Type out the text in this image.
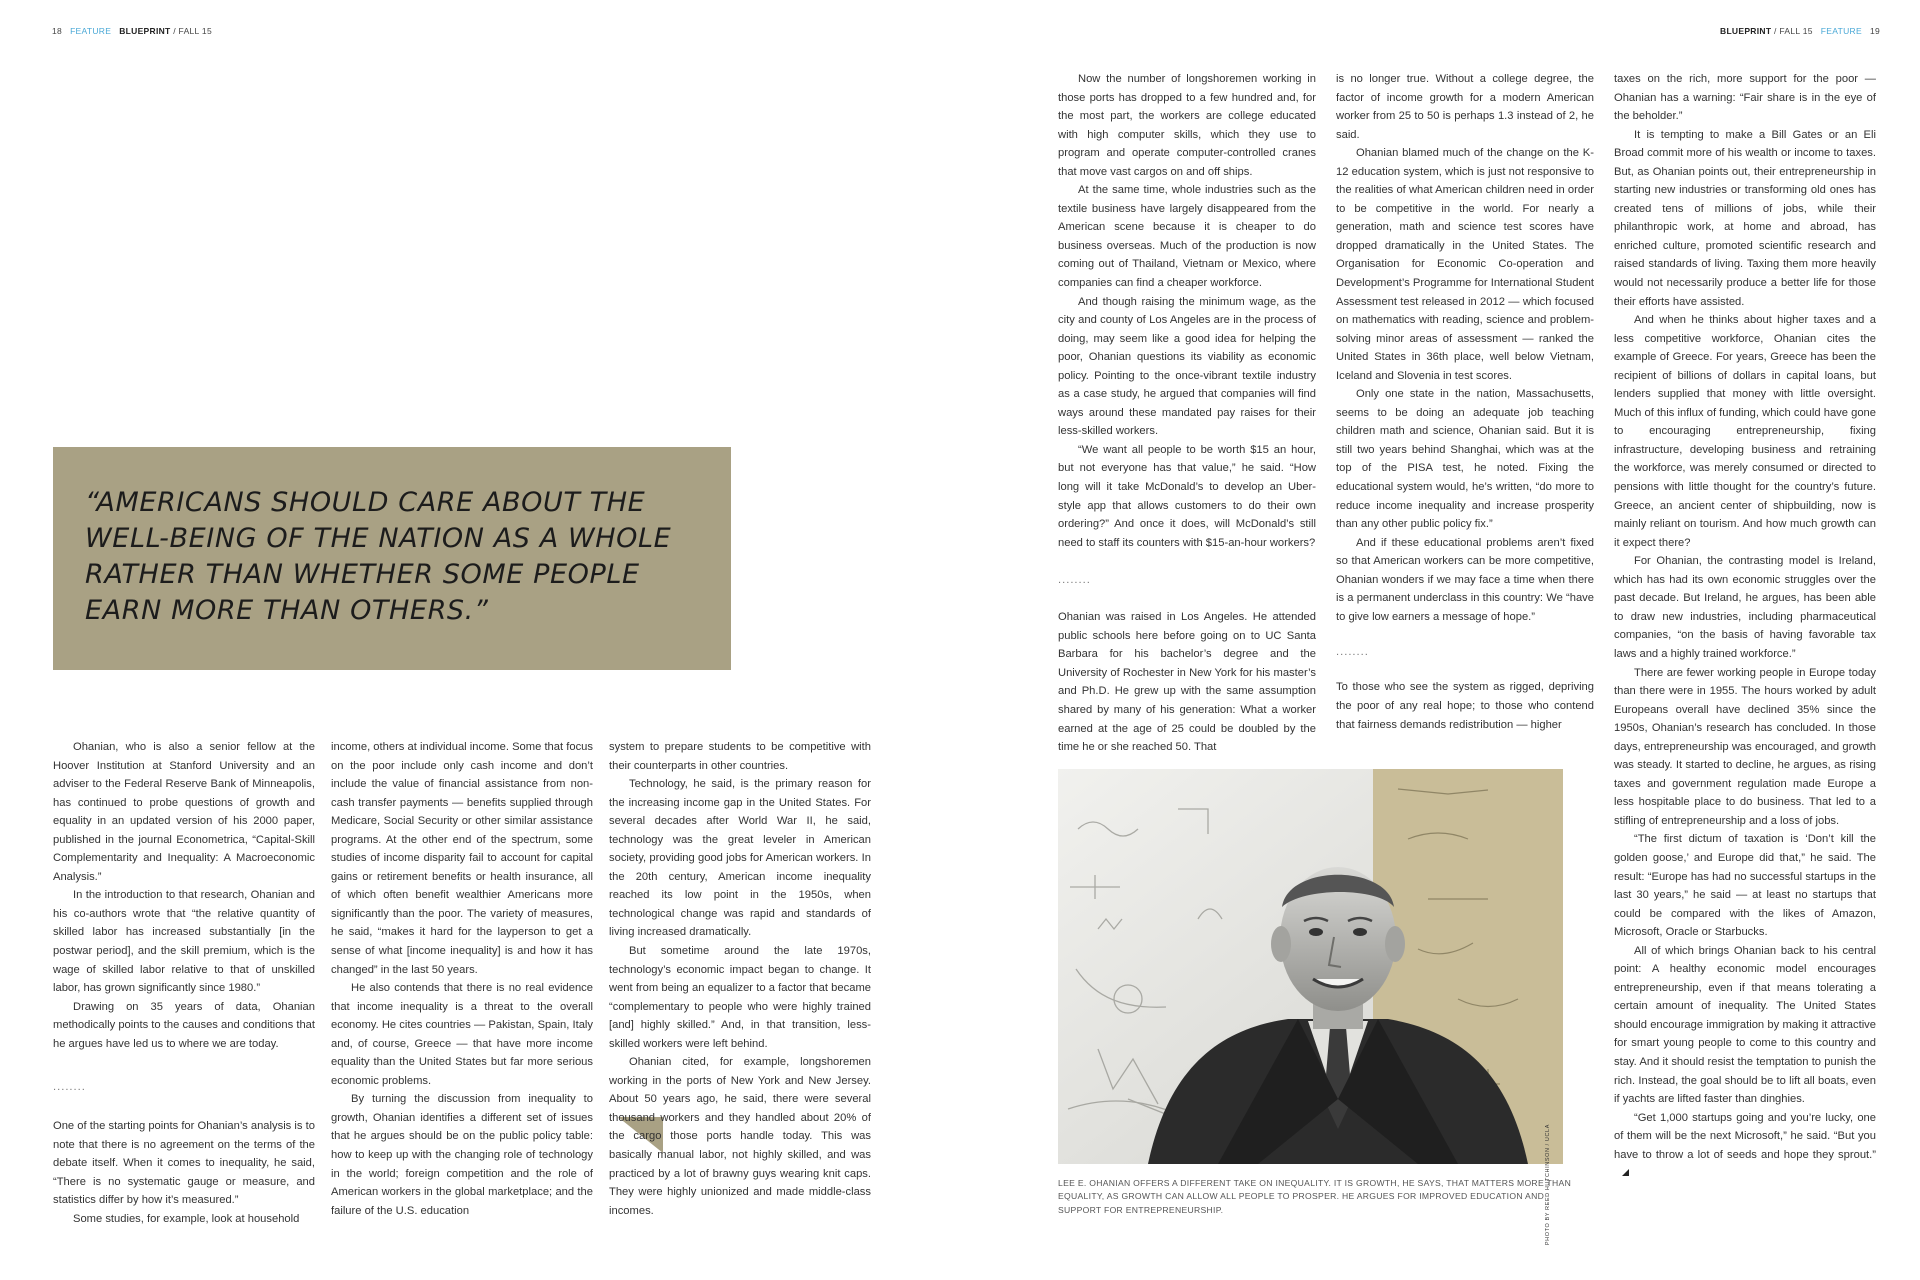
18 FEATURE BLUEPRINT / FALL 15	BLUEPRINT / FALL 15 FEATURE 19
“AMERICANS SHOULD CARE ABOUT THE WELL-BEING OF THE NATION AS A WHOLE RATHER THAN WHETHER SOME PEOPLE EARN MORE THAN OTHERS.”

Ohanian, who is also a senior fellow at the Hoover Institution at Stanford University and an adviser to the Federal Reserve Bank of Minneapolis, has continued to probe questions of growth and equality in an updated version of his 2000 paper, published in the journal Econometrica, “Capital-Skill Complementarity and Inequality: A Macroeconomic Analysis.”

In the introduction to that research, Ohanian and his co-authors wrote that “the relative quantity of skilled labor has increased substantially [in the postwar period], and the skill premium, which is the wage of skilled labor relative to that of unskilled labor, has grown significantly since 1980.”

Drawing on 35 years of data, Ohanian methodically points to the causes and conditions that he argues have led us to where we are today.

........

One of the starting points for Ohanian’s analysis is to note that there is no agreement on the terms of the debate itself. When it comes to inequality, he said, “There is no systematic gauge or measure, and statistics differ by how it’s measured.”

Some studies, for example, look at household

income, others at individual income. Some that focus on the poor include only cash income and don’t include the value of financial assistance from non-cash transfer payments — benefits supplied through Medicare, Social Security or other similar assistance programs. At the other end of the spectrum, some studies of income disparity fail to account for capital gains or retirement benefits or health insurance, all of which often benefit wealthier Americans more significantly than the poor. The variety of measures, he said, “makes it hard for the layperson to get a sense of what [income inequality] is and how it has changed” in the last 50 years.

He also contends that there is no real evidence that income inequality is a threat to the overall economy. He cites countries — Pakistan, Spain, Italy and, of course, Greece — that have more income equality than the United States but far more serious economic problems.

By turning the discussion from inequality to growth, Ohanian identifies a different set of issues that he argues should be on the public policy table: how to keep up with the changing role of technology in the world; foreign competition and the role of American workers in the global marketplace; and the failure of the U.S. education

system to prepare students to be competitive with their counterparts in other countries.

Technology, he said, is the primary reason for the increasing income gap in the United States. For several decades after World War II, he said, technology was the great leveler in American society, providing good jobs for American workers. In the 20th century, American income inequality reached its low point in the 1950s, when technological change was rapid and standards of living increased dramatically.

But sometime around the late 1970s, technology’s economic impact began to change. It went from being an equalizer to a factor that became “complementary to people who were highly trained [and] highly skilled.” And, in that transition, less-skilled workers were left behind.

Ohanian cited, for example, longshoremen working in the ports of New York and New Jersey. About 50 years ago, he said, there were several thousand workers and they handled about 20% of the cargo those ports handle today. This was basically manual labor, not highly skilled, and was practiced by a lot of brawny guys wearing knit caps. They were highly unionized and made middle-class incomes.

Now the number of longshoremen working in those ports has dropped to a few hundred and, for the most part, the workers are college educated with high computer skills, which they use to program and operate computer-controlled cranes that move vast cargos on and off ships.

At the same time, whole industries such as the textile business have largely disappeared from the American scene because it is cheaper to do business overseas. Much of the production is now coming out of Thailand, Vietnam or Mexico, where companies can find a cheaper workforce.

And though raising the minimum wage, as the city and county of Los Angeles are in the process of doing, may seem like a good idea for helping the poor, Ohanian questions its viability as economic policy. Pointing to the once-vibrant textile industry as a case study, he argued that companies will find ways around these mandated pay raises for their less-skilled workers.

“We want all people to be worth $15 an hour, but not everyone has that value,” he said. “How long will it take McDonald’s to develop an Uber-style app that allows customers to do their own ordering?” And once it does, will McDonald’s still need to staff its counters with $15-an-hour workers?

........

Ohanian was raised in Los Angeles. He attended public schools here before going on to UC Santa Barbara for his bachelor’s degree and the University of Rochester in New York for his master’s and Ph.D. He grew up with the same assumption shared by many of his generation: What a worker earned at the age of 25 could be doubled by the time he or she reached 50. That

is no longer true. Without a college degree, the factor of income growth for a modern American worker from 25 to 50 is perhaps 1.3 instead of 2, he said.

Ohanian blamed much of the change on the K-12 education system, which is just not responsive to the realities of what American children need in order to be competitive in the world. For nearly a generation, math and science test scores have dropped dramatically in the United States. The Organisation for Economic Co-operation and Development’s Programme for International Student Assessment test released in 2012 — which focused on mathematics with reading, science and problem-solving minor areas of assessment — ranked the United States in 36th place, well below Vietnam, Iceland and Slovenia in test scores.

Only one state in the nation, Massachusetts, seems to be doing an adequate job teaching children math and science, Ohanian said. But it is still two years behind Shanghai, which was at the top of the PISA test, he noted. Fixing the educational system would, he’s written, “do more to reduce income inequality and increase prosperity than any other public policy fix.”

And if these educational problems aren’t fixed so that American workers can be more competitive, Ohanian wonders if we may face a time when there is a permanent underclass in this country: We “have to give low earners a message of hope.”

........

To those who see the system as rigged, depriving the poor of any real hope; to those who contend that fairness demands redistribution — higher

taxes on the rich, more support for the poor — Ohanian has a warning: “Fair share is in the eye of the beholder.”

It is tempting to make a Bill Gates or an Eli Broad commit more of his wealth or income to taxes. But, as Ohanian points out, their entrepreneurship in starting new industries or transforming old ones has created tens of millions of jobs, while their philanthropic work, at home and abroad, has enriched culture, promoted scientific research and raised standards of living. Taxing them more heavily would not necessarily produce a better life for those their efforts have assisted.

And when he thinks about higher taxes and a less competitive workforce, Ohanian cites the example of Greece. For years, Greece has been the recipient of billions of dollars in capital loans, but lenders supplied that money with little oversight. Much of this influx of funding, which could have gone to encouraging entrepreneurship, fixing infrastructure, developing business and retraining the workforce, was merely consumed or directed to pensions with little thought for the country’s future. Greece, an ancient center of shipbuilding, now is mainly reliant on tourism. And how much growth can it expect there?

For Ohanian, the contrasting model is Ireland, which has had its own economic struggles over the past decade. But Ireland, he argues, has been able to draw new industries, including pharmaceutical companies, “on the basis of having favorable tax laws and a highly trained workforce.”

There are fewer working people in Europe today than there were in 1955. The hours worked by adult Europeans overall have declined 35% since the 1950s, Ohanian’s research has concluded. In those days, entrepreneurship was encouraged, and growth was steady. It started to decline, he argues, as rising taxes and government regulation made Europe a less hospitable place to do business. That led to a stifling of entrepreneurship and a loss of jobs.

“The first dictum of taxation is ‘Don’t kill the golden goose,’ and Europe did that,” he said. The result: “Europe has had no successful startups in the last 30 years,” he said — at least no startups that could be compared with the likes of Amazon, Microsoft, Oracle or Starbucks.

All of which brings Ohanian back to his central point: A healthy economic model encourages entrepreneurship, even if that means tolerating a certain amount of inequality. The United States should encourage immigration by making it attractive for smart young people to come to this country and stay. And it should resist the temptation to punish the rich. Instead, the goal should be to lift all boats, even if yachts are lifted faster than dinghies.

“Get 1,000 startups going and you’re lucky, one of them will be the next Microsoft,” he said. “But you have to throw a lot of seeds and hope they sprout.”

PHOTO BY REED HUTCHINSON / UCLA
LEE E. OHANIAN OFFERS A DIFFERENT TAKE ON INEQUALITY. IT IS GROWTH, HE SAYS, THAT MATTERS MORE THAN EQUALITY, AS GROWTH CAN ALLOW ALL PEOPLE TO PROSPER. HE ARGUES FOR IMPROVED EDUCATION AND SUPPORT FOR ENTREPRENEURSHIP.
